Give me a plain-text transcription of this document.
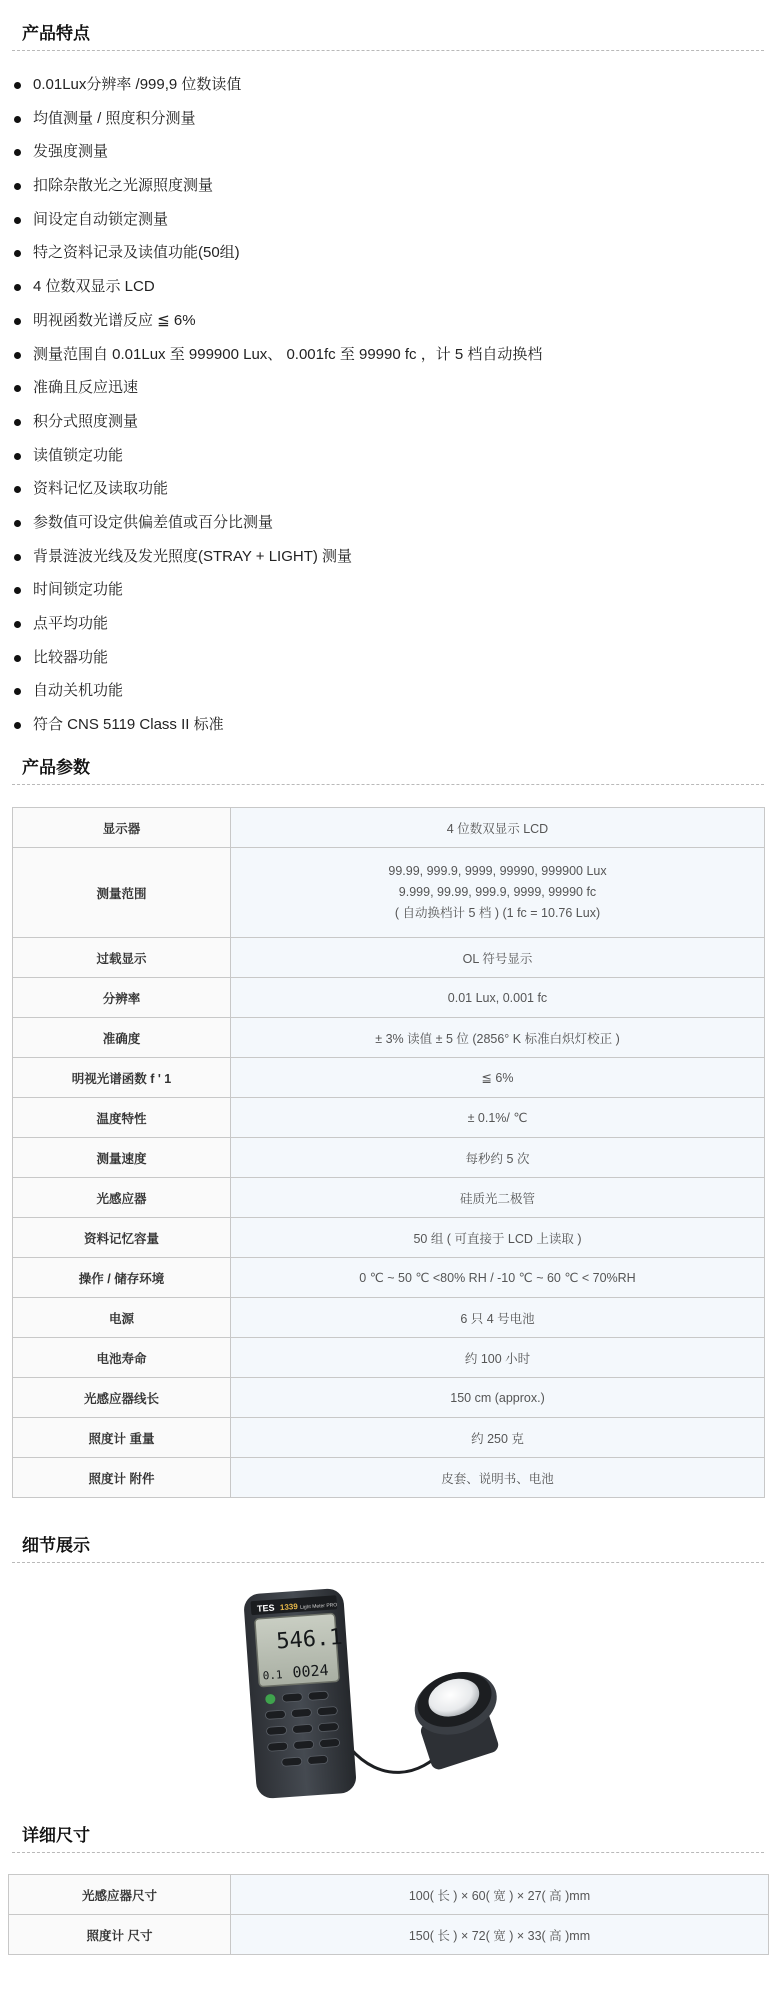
产品特点
0.01Lux分辨率 /999,9 位数读值
均值测量 / 照度积分测量
发强度测量
扣除杂散光之光源照度测量
间设定自动锁定测量
特之资料记录及读值功能(50组)
4 位数双显示 LCD
明视函数光谱反应 ≦ 6%
测量范围自 0.01Lux 至 999900 Lux、 0.001fc 至 99990 fc ，计 5 档自动换档
准确且反应迅速
积分式照度测量
读值锁定功能
资料记忆及读取功能
参数值可设定供偏差值或百分比测量
背景涟波光线及发光照度(STRAY + LIGHT) 测量
时间锁定功能
点平均功能
比较器功能
自动关机功能
符合 CNS 5119 Class II 标准
产品参数
显示器	4 位数双显示 LCD
测量范围	99.99, 999.9, 9999, 99990, 999900 Lux
9.999, 99.99, 999.9, 9999, 99990 fc
( 自动换档计 5 档 ) (1 fc = 10.76 Lux)

过载显示	OL 符号显示
分辨率	0.01 Lux, 0.001 fc
准确度	± 3% 读值 ± 5 位 (2856° K 标准白炽灯校正 )
明视光谱函数 f ' 1	≦ 6%
温度特性	± 0.1%/ ℃
测量速度	每秒约 5 次
光感应器	硅质光二极管
资料记忆容量	50 组 ( 可直接于 LCD 上读取 )
操作 / 储存环境	0 ℃ ~ 50 ℃ <80% RH / -10 ℃ ~ 60 ℃ < 70%RH
电源	6 只 4 号电池
电池寿命	约 100 小时
光感应器线长	150 cm (approx.)
照度计 重量	约 250 克
照度计 附件	皮套、说明书、电池
细节展示
TES 1339 Light Meter PRO
546.1
0.1 0024
详细尺寸
光感应器尺寸	100( 长 ) × 60( 宽 ) × 27( 高 )mm
照度计 尺寸	150( 长 ) × 72( 宽 ) × 33( 高 )mm
